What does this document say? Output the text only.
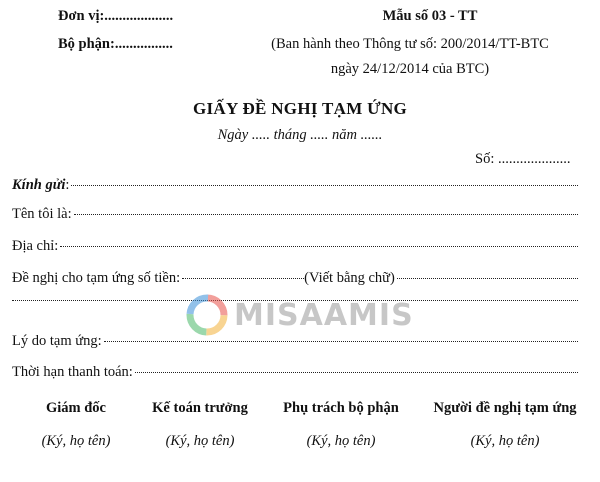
Đơn vị:...................
Bộ phận:................
Mẫu số 03 - TT
(Ban hành theo Thông tư số: 200/2014/TT-BTC
ngày 24/12/2014 của BTC)
GIẤY ĐỀ NGHỊ TẠM ỨNG
Ngày ..... tháng ..... năm ......
Số: ....................
Kính gửi:
Tên tôi là:
Địa chỉ:
Đề nghị cho tạm ứng số tiền:	(Viết bằng chữ)
Lý do tạm ứng:
Thời hạn thanh toán:
Giám đốc
(Ký, họ tên)
Kế toán trưởng
(Ký, họ tên)
Phụ trách bộ phận
(Ký, họ tên)
Người đề nghị tạm ứng
(Ký, họ tên)
MISAAMIS
